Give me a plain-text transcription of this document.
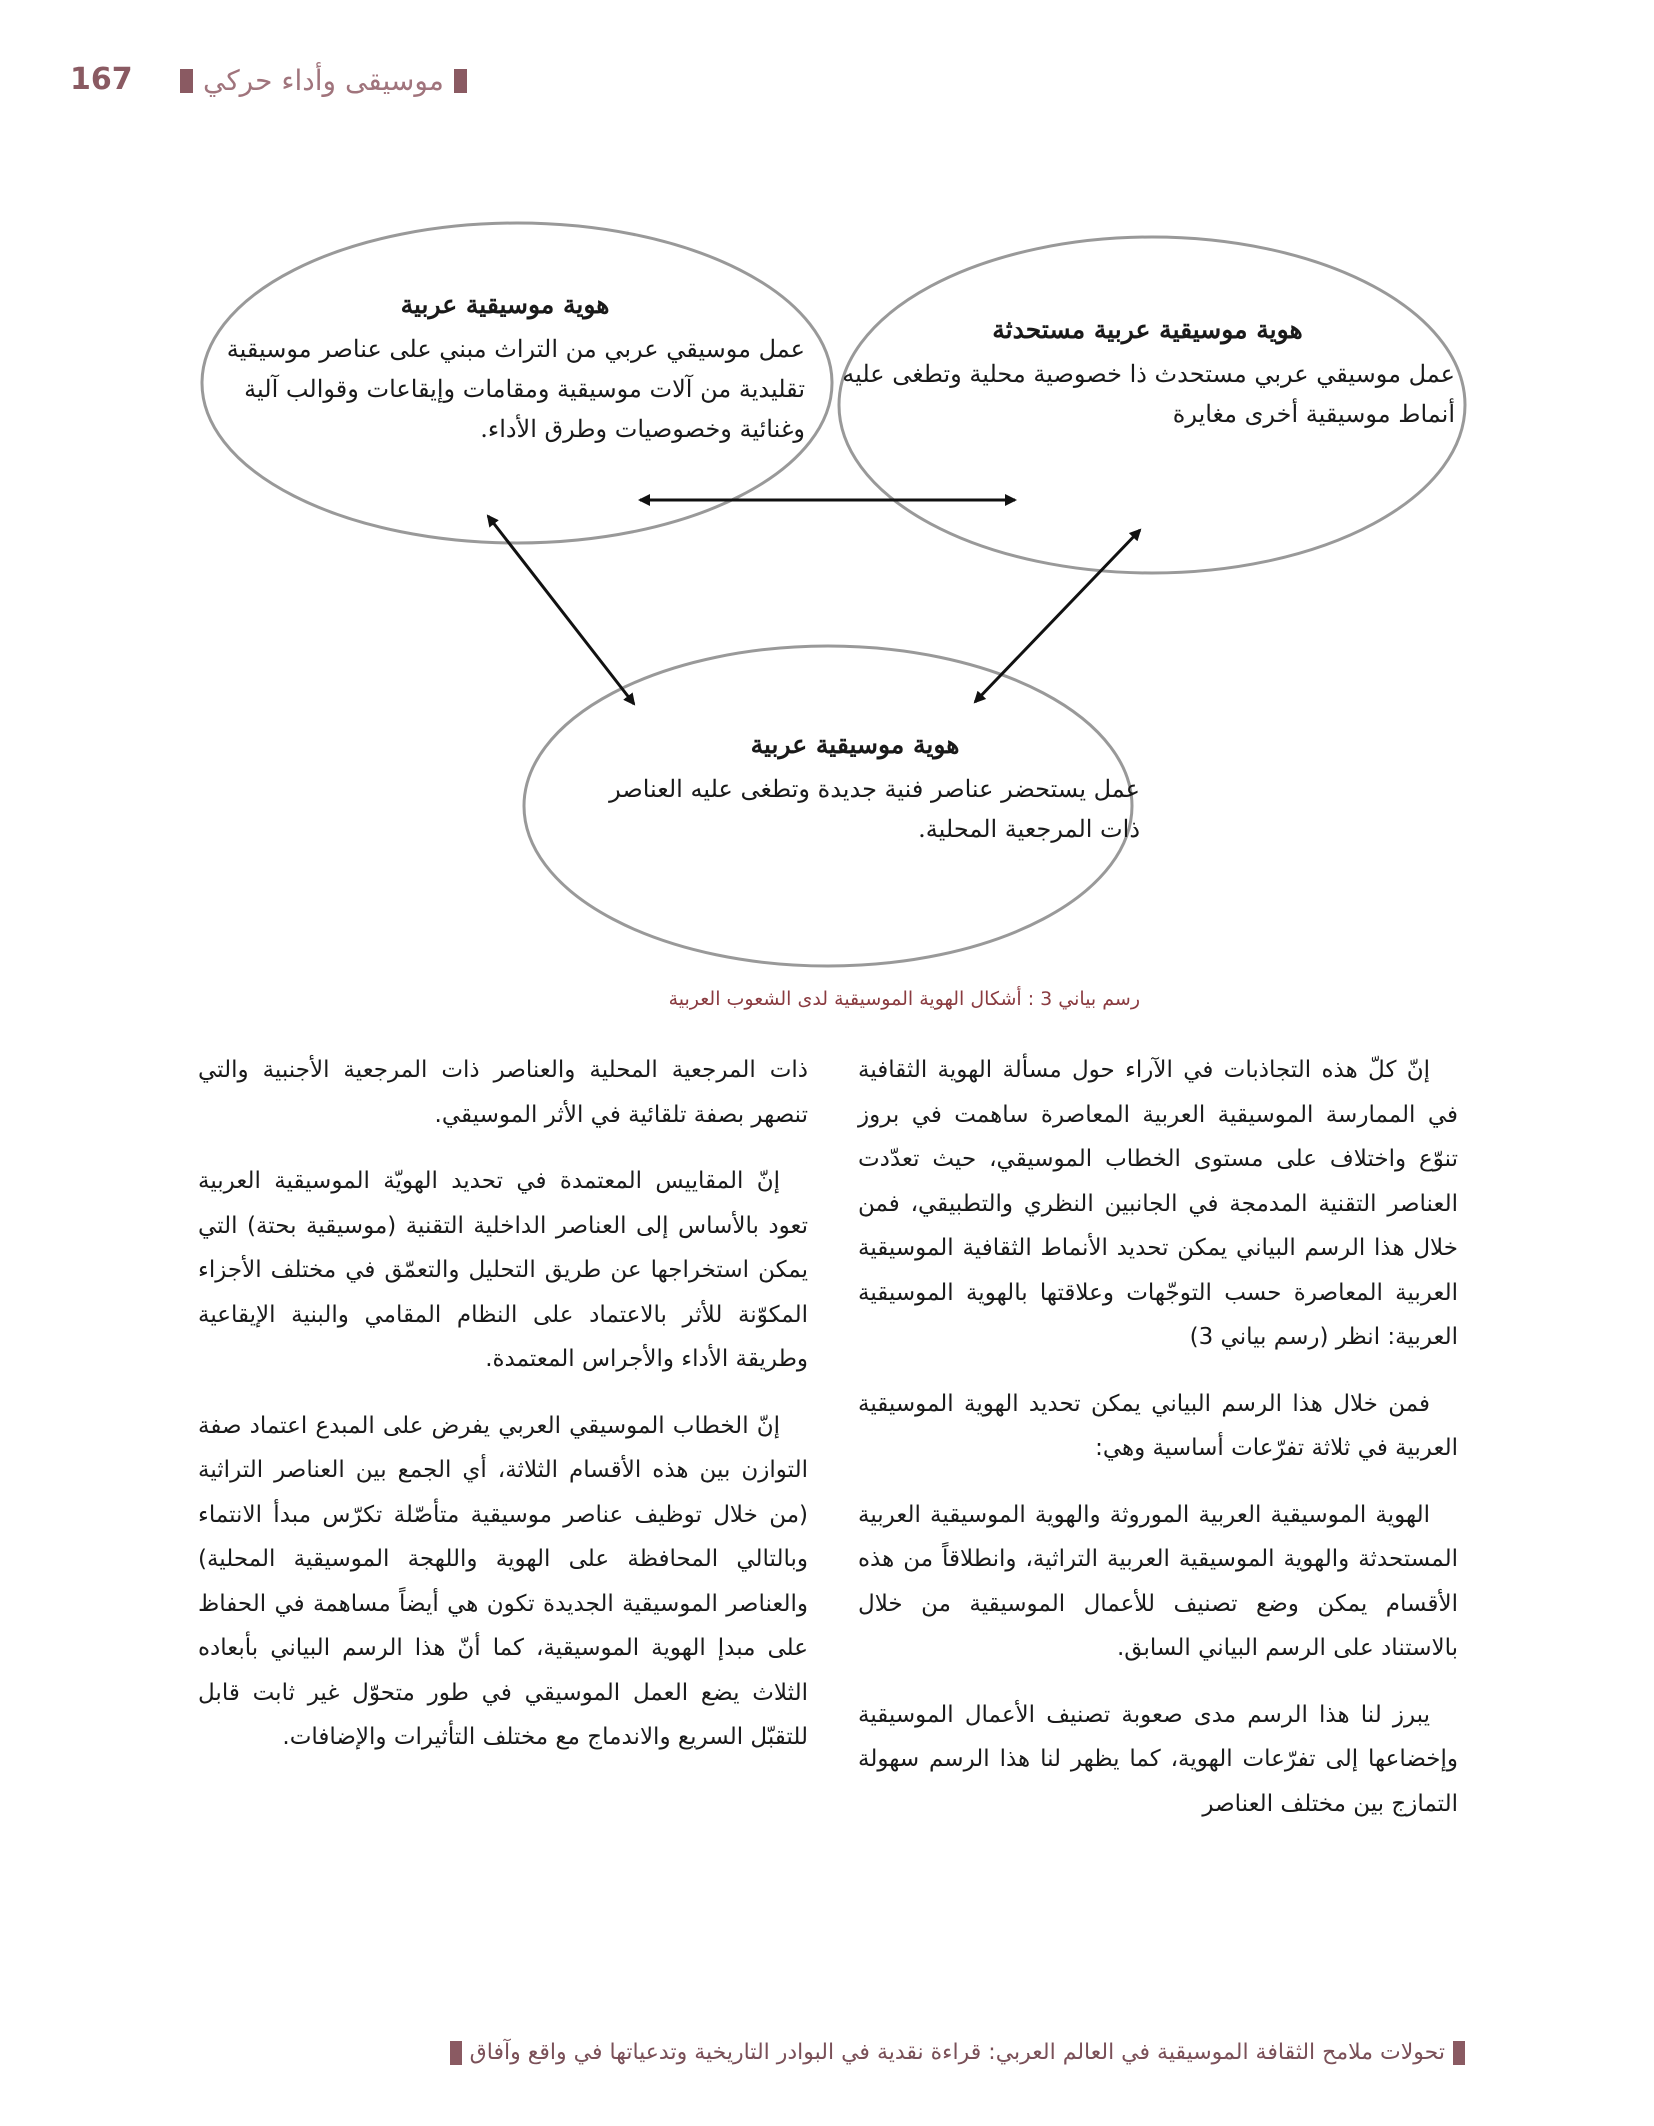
167	موسيقى وأداء حركي
هوية موسيقية عربية
عمل موسيقي عربي من التراث مبني على عناصر موسيقية تقليدية من آلات موسيقية ومقامات وإيقاعات وقوالب آلية وغنائية وخصوصيات وطرق الأداء.
هوية موسيقية عربية مستحدثة
عمل موسيقي عربي مستحدث ذا خصوصية محلية وتطغى عليه أنماط موسيقية أخرى مغايرة
هوية موسيقية عربية
عمل يستحضر عناصر فنية جديدة وتطغى عليه العناصر ذات المرجعية المحلية.
رسم بياني 3 : أشكال الهوية الموسيقية لدى الشعوب العربية

إنّ كلّ هذه التجاذبات في الآراء حول مسألة الهوية الثقافية في الممارسة الموسيقية العربية المعاصرة ساهمت في بروز تنوّع واختلاف على مستوى الخطاب الموسيقي، حيث تعدّدت العناصر التقنية المدمجة في الجانبين النظري والتطبيقي، فمن خلال هذا الرسم البياني يمكن تحديد الأنماط الثقافية الموسيقية العربية المعاصرة حسب التوجّهات وعلاقتها بالهوية الموسيقية العربية: انظر (رسم بياني 3)

فمن خلال هذا الرسم البياني يمكن تحديد الهوية الموسيقية العربية في ثلاثة تفرّعات أساسية وهي:

الهوية الموسيقية العربية الموروثة والهوية الموسيقية العربية المستحدثة والهوية الموسيقية العربية التراثية، وانطلاقاً من هذه الأقسام يمكن وضع تصنيف للأعمال الموسيقية من خلال بالاستناد على الرسم البياني السابق.

يبرز لنا هذا الرسم مدى صعوبة تصنيف الأعمال الموسيقية وإخضاعها إلى تفرّعات الهوية، كما يظهر لنا هذا الرسم سهولة التمازج بين مختلف العناصر

ذات المرجعية المحلية والعناصر ذات المرجعية الأجنبية والتي تنصهر بصفة تلقائية في الأثر الموسيقي.

إنّ المقاييس المعتمدة في تحديد الهويّة الموسيقية العربية تعود بالأساس إلى العناصر الداخلية التقنية (موسيقية بحتة) التي يمكن استخراجها عن طريق التحليل والتعمّق في مختلف الأجزاء المكوّنة للأثر بالاعتماد على النظام المقامي والبنية الإيقاعية وطريقة الأداء والأجراس المعتمدة.

إنّ الخطاب الموسيقي العربي يفرض على المبدع اعتماد صفة التوازن بين هذه الأقسام الثلاثة، أي الجمع بين العناصر التراثية (من خلال توظيف عناصر موسيقية متأصّلة تكرّس مبدأ الانتماء وبالتالي المحافظة على الهوية واللهجة الموسيقية المحلية) والعناصر الموسيقية الجديدة تكون هي أيضاً مساهمة في الحفاظ على مبدإ الهوية الموسيقية، كما أنّ هذا الرسم البياني بأبعاده الثلاث يضع العمل الموسيقي في طور متحوّل غير ثابت قابل للتقبّل السريع والاندماج مع مختلف التأثيرات والإضافات.

تحولات ملامح الثقافة الموسيقية في العالم العربي: قراءة نقدية في البوادر التاريخية وتدعياتها في واقع وآفاق
